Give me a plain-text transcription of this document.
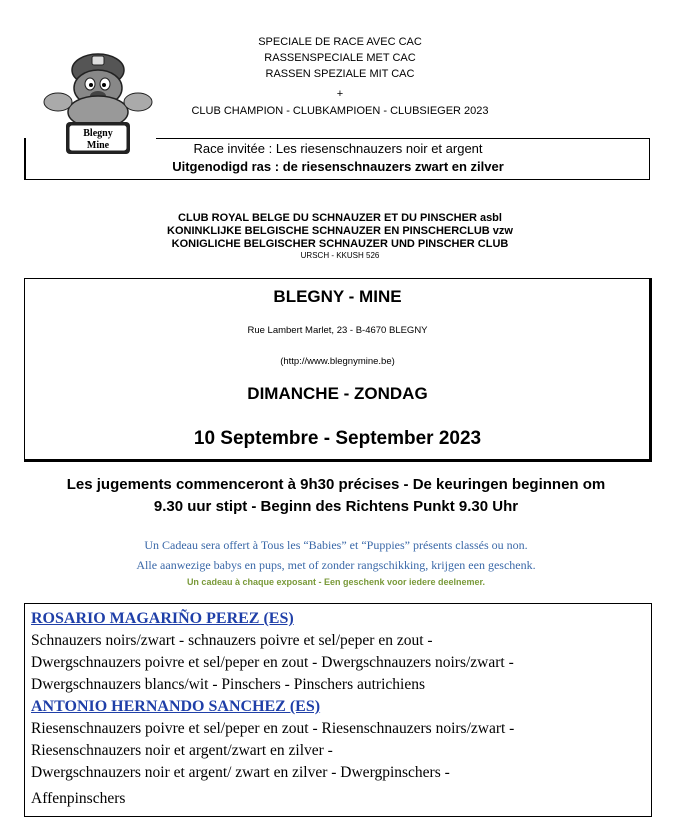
SPECIALE DE RACE AVEC CAC
RASSENSPECIALE MET CAC
RASSEN SPEZIALE MIT CAC
+
CLUB CHAMPION - CLUBKAMPIOEN - CLUBSIEGER 2023
Blegny
Mine	Race invitée : Les riesenschnauzers noir et argent
Uitgenodigd ras : de riesenschnauzers zwart en zilver
CLUB ROYAL BELGE DU SCHNAUZER ET DU PINSCHER asbl
KONINKLIJKE BELGISCHE SCHNAUZER EN PINSCHERCLUB vzw
KONIGLICHE BELGISCHER SCHNAUZER UND PINSCHER CLUB
URSCH - KKUSH 526
BLEGNY - MINE
Rue Lambert Marlet, 23 - B-4670 BLEGNY
(http://www.blegnymine.be)
DIMANCHE - ZONDAG
10 Septembre - September 2023
Les jugements commenceront à 9h30 précises - De keuringen beginnen om
9.30 uur stipt - Beginn des Richtens Punkt 9.30 Uhr
Un Cadeau sera offert à Tous les “Babies” et “Puppies” présents classés ou non.
Alle aanwezige babys en pups, met of zonder rangschikking, krijgen een geschenk.
Un cadeau à chaque exposant - Een geschenk voor iedere deelnemer.
ROSARIO MAGARIÑO PEREZ (ES)
Schnauzers noirs/zwart - schnauzers poivre et sel/peper en zout -
Dwergschnauzers poivre et sel/peper en zout - Dwergschnauzers noirs/zwart -
Dwergschnauzers blancs/wit - Pinschers - Pinschers autrichiens
ANTONIO HERNANDO SANCHEZ (ES)
Riesenschnauzers poivre et sel/peper en zout - Riesenschnauzers noirs/zwart -
Riesenschnauzers noir et argent/zwart en zilver -
Dwergschnauzers noir et argent/ zwart en zilver - Dwergpinschers -
Affenpinschers
